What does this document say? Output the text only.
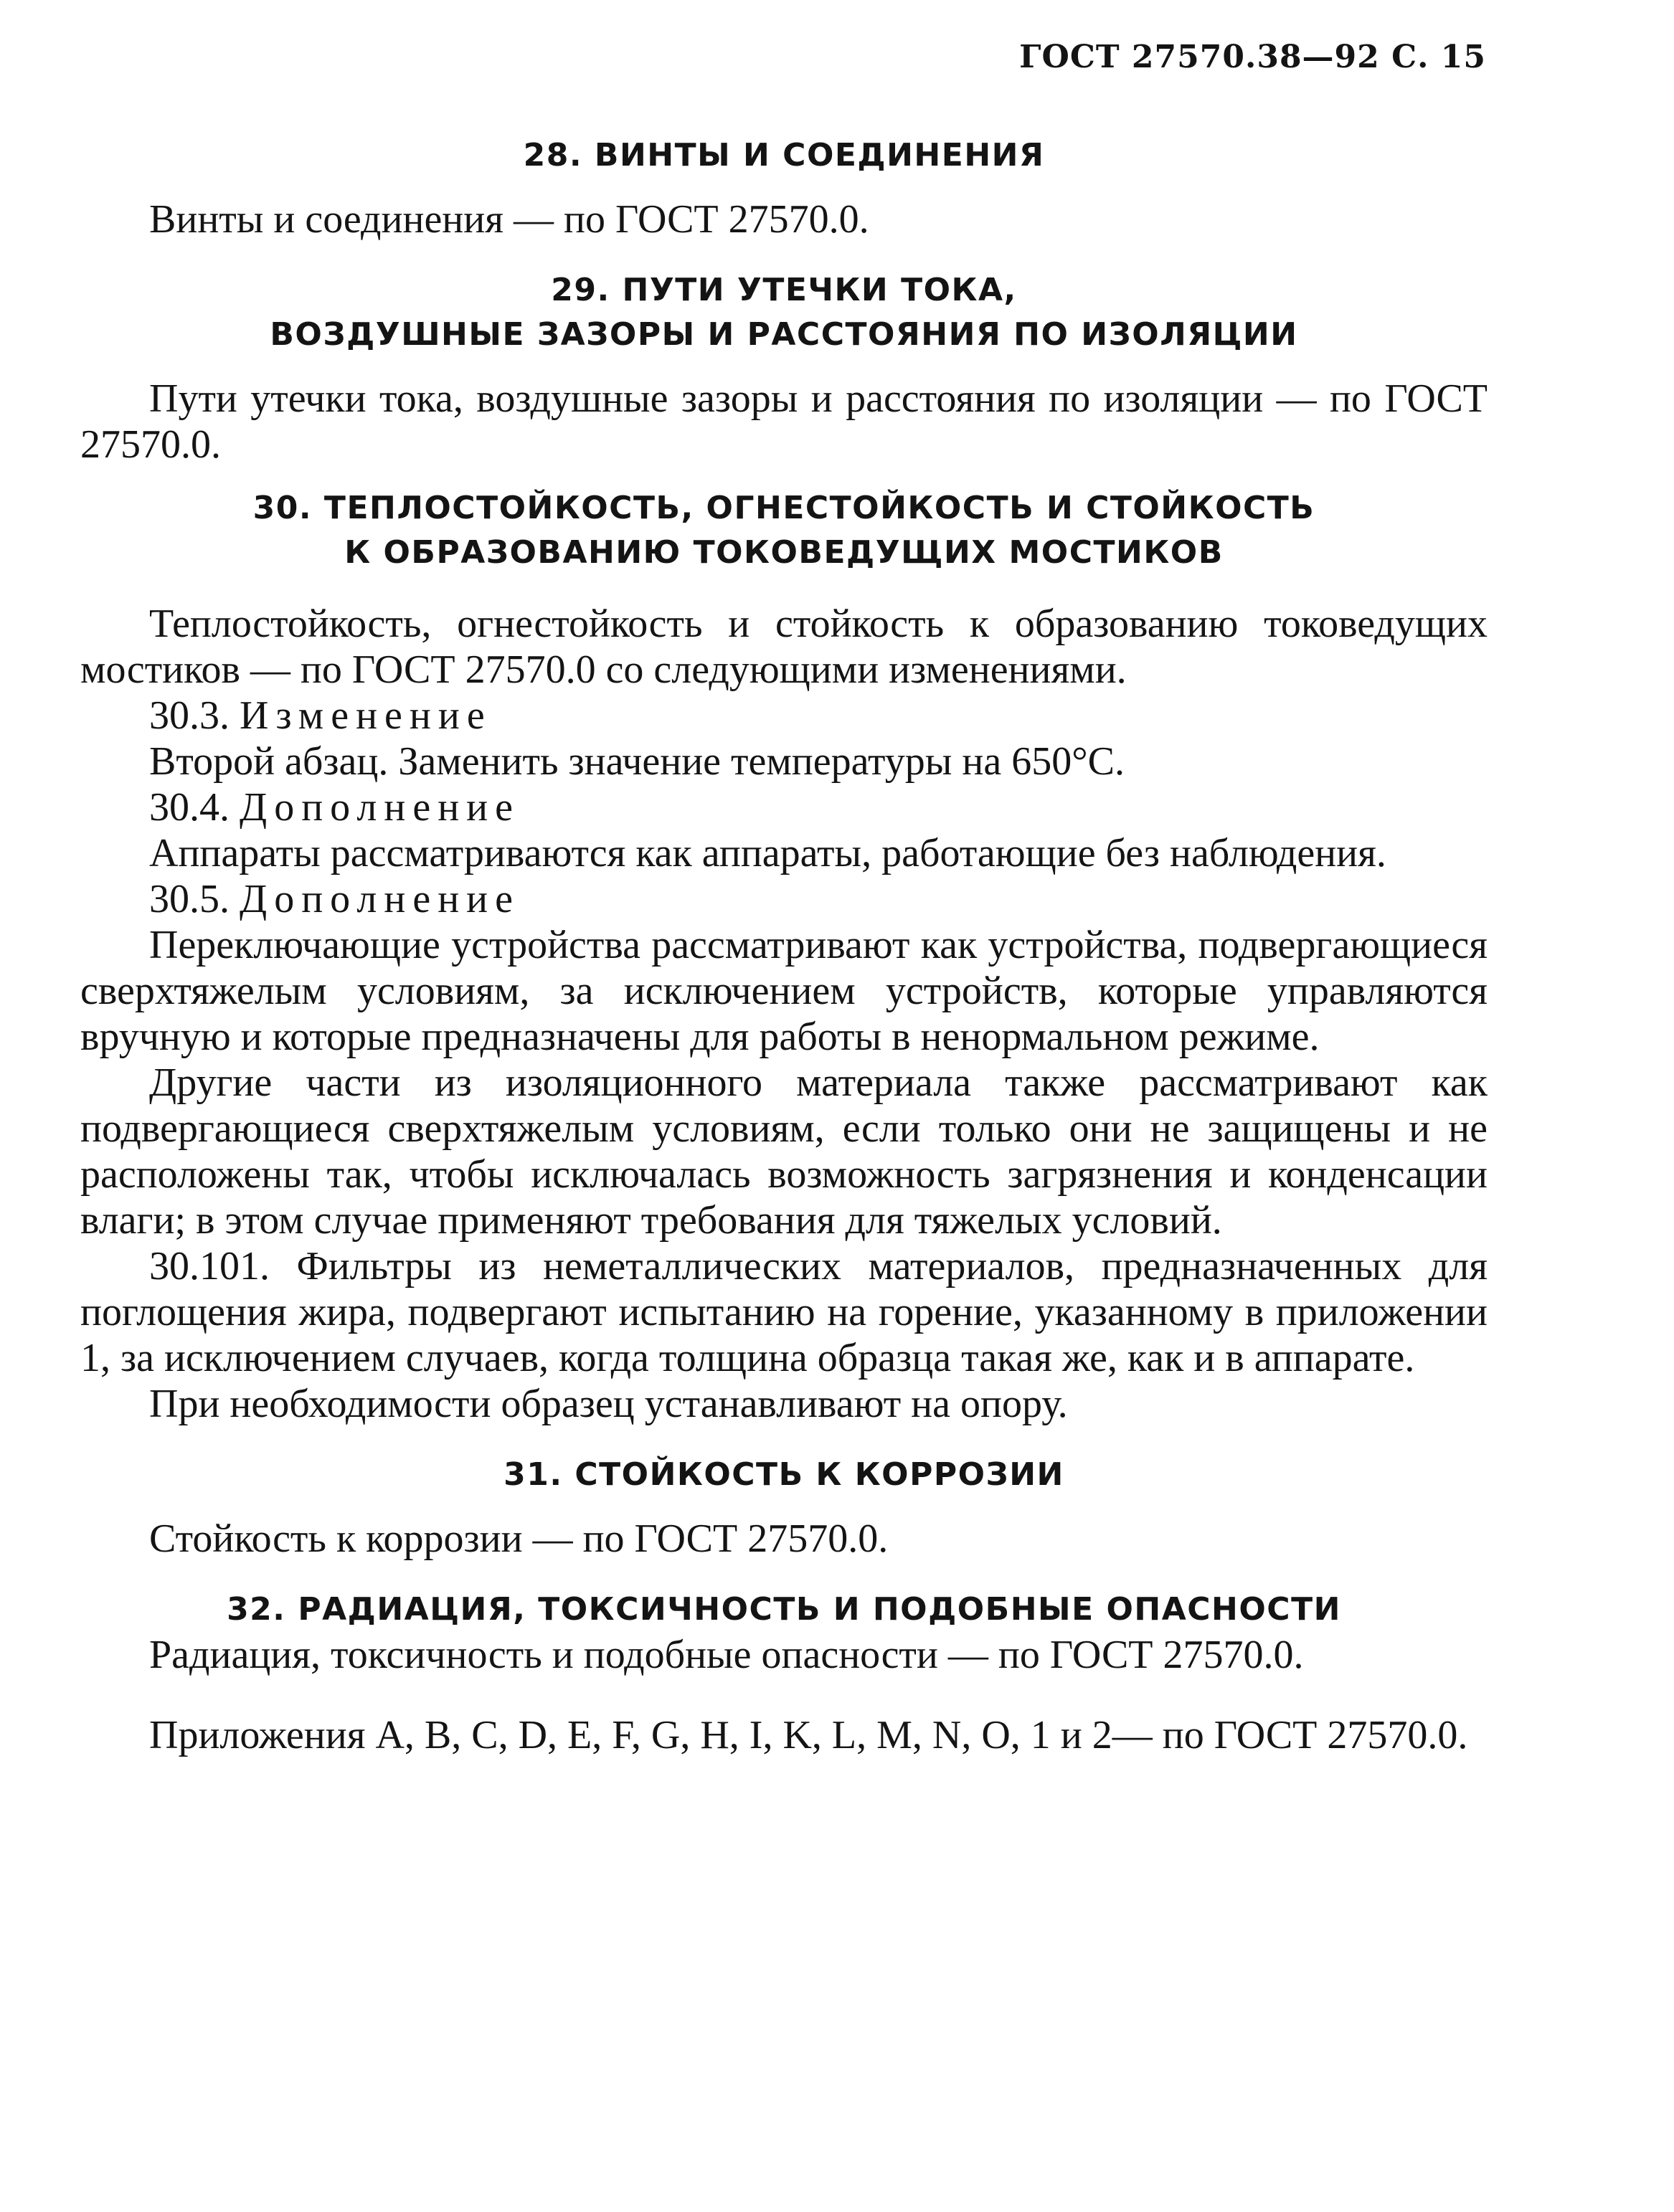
ГОСТ 27570.38—92 С. 15
28. ВИНТЫ И СОЕДИНЕНИЯ

Винты и соединения — по ГОСТ 27570.0.

29. ПУТИ УТЕЧКИ ТОКА,
ВОЗДУШНЫЕ ЗАЗОРЫ И РАССТОЯНИЯ ПО ИЗОЛЯЦИИ

Пути утечки тока, воздушные зазоры и расстояния по изоляции — по ГОСТ 27570.0.

30. ТЕПЛОСТОЙКОСТЬ, ОГНЕСТОЙКОСТЬ И СТОЙКОСТЬ
К ОБРАЗОВАНИЮ ТОКОВЕДУЩИХ МОСТИКОВ

Теплостойкость, огнестойкость и стойкость к образованию токоведущих мостиков — по ГОСТ 27570.0 со следующими изменениями.

30.3. Изменение

Второй абзац. Заменить значение температуры на 650°С.

30.4. Дополнение

Аппараты рассматриваются как аппараты, работающие без наблюдения.

30.5. Дополнение

Переключающие устройства рассматривают как устройства, подвергающиеся сверхтяжелым условиям, за исключением устройств, которые управляются вручную и которые предназначены для работы в ненормальном режиме.

Другие части из изоляционного материала также рассматривают как подвергающиеся сверхтяжелым условиям, если только они не защищены и не расположены так, чтобы исключалась возможность загрязнения и конденсации влаги; в этом случае применяют требования для тяжелых условий.

30.101. Фильтры из неметаллических материалов, предназначенных для поглощения жира, подвергают испытанию на горение, указанному в приложении 1, за исключением случаев, когда толщина образца такая же, как и в аппарате.

При необходимости образец устанавливают на опору.

31. СТОЙКОСТЬ К КОРРОЗИИ

Стойкость к коррозии — по ГОСТ 27570.0.

32. РАДИАЦИЯ, ТОКСИЧНОСТЬ И ПОДОБНЫЕ ОПАСНОСТИ

Радиация, токсичность и подобные опасности — по ГОСТ 27570.0.

Приложения A, B, C, D, E, F, G, H, I, K, L, M, N, O, 1 и 2— по ГОСТ 27570.0.
